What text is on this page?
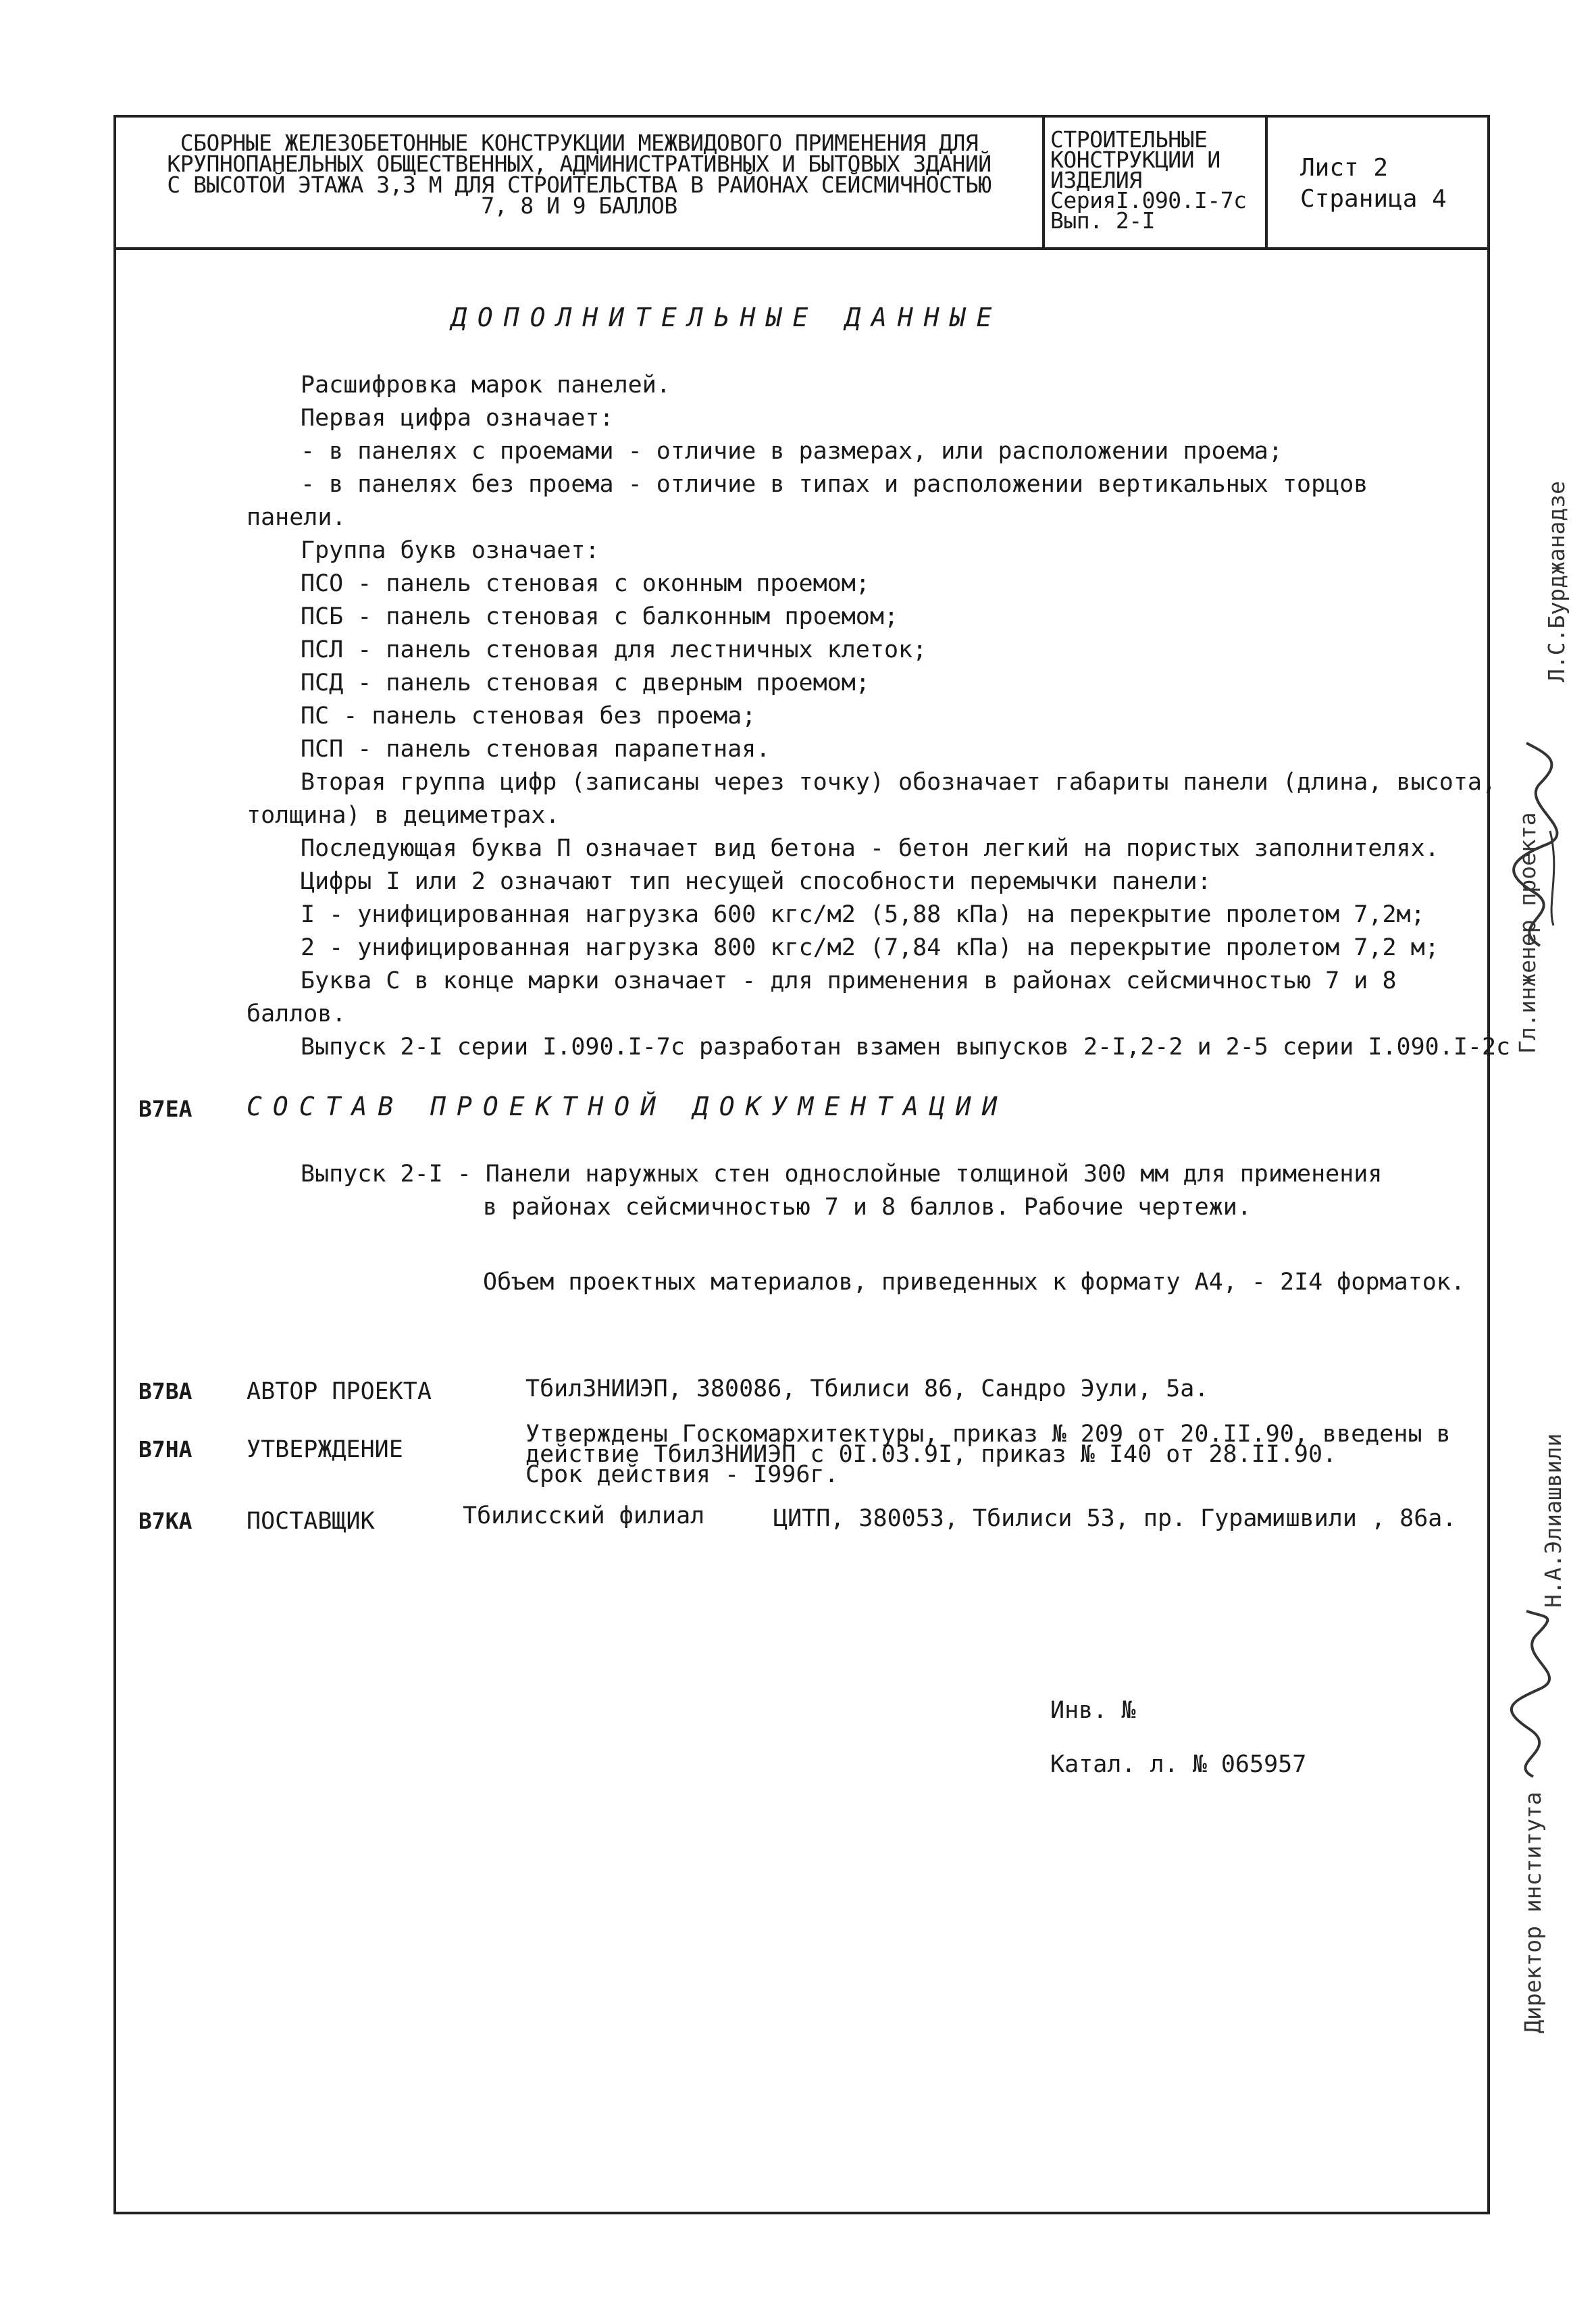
СБОРНЫЕ ЖЕЛЕЗОБЕТОННЫЕ КОНСТРУКЦИИ МЕЖВИДОВОГО ПРИМЕНЕНИЯ ДЛЯ
КРУПНОПАНЕЛЬНЫХ ОБЩЕСТВЕННЫХ, АДМИНИСТРАТИВНЫХ И БЫТОВЫХ ЗДАНИЙ
С ВЫСОТОЙ ЭТАЖА 3,3 М ДЛЯ СТРОИТЕЛЬСТВА В РАЙОНАХ СЕЙСМИЧНОСТЬЮ
7, 8 И 9 БАЛЛОВ
СТРОИТЕЛЬНЫЕ
КОНСТРУКЦИИ И
ИЗДЕЛИЯ
СерияI.090.I-7с
Вып. 2-I
Лист 2
Страница 4
ДОПОЛНИТЕЛЬНЫЕ ДАННЫЕ
Расшифровка марок панелей.
Первая цифра означает:
- в панелях с проемами - отличие в размерах, или расположении проема;
- в панелях без проема - отличие в типах и расположении вертикальных торцов
панели.
Группа букв означает:
ПСО - панель стеновая с оконным проемом;
ПСБ - панель стеновая с балконным проемом;
ПСЛ - панель стеновая для лестничных клеток;
ПСД - панель стеновая с дверным проемом;
ПС - панель стеновая без проема;
ПСП - панель стеновая парапетная.
Вторая группа цифр (записаны через точку) обозначает габариты панели (длина, высота,
толщина) в дециметрах.
Последующая буква П означает вид бетона - бетон легкий на пористых заполнителях.
Цифры I или 2 означают тип несущей способности перемычки панели:
I - унифицированная нагрузка 600 кгс/м2 (5,88 кПа) на перекрытие пролетом 7,2м;
2 - унифицированная нагрузка 800 кгс/м2 (7,84 кПа) на перекрытие пролетом 7,2 м;
Буква С в конце марки означает - для применения в районах сейсмичностью 7 и 8
баллов.
Выпуск 2-I серии I.090.I-7с разработан взамен выпусков 2-I,2-2 и 2-5 серии I.090.I-2с
В7ЕА СОСТАВ ПРОЕКТНОЙ ДОКУМЕНТАЦИИ
Выпуск 2-I - Панели наружных стен однослойные толщиной 300 мм для применения
в районах сейсмичностью 7 и 8 баллов. Рабочие чертежи.
Объем проектных материалов, приведенных к формату А4, - 2I4 форматок.
В7ВА АВТОР ПРОЕКТА	ТбилЗНИИЭП, 380086, Тбилиси 86, Сандро Эули, 5а.
В7НА УТВЕРЖДЕНИЕ
Утверждены Госкомархитектуры, приказ № 209 от 20.II.90, введены в
действие ТбилЗНИИЭП с 0I.03.9I, приказ № I40 от 28.II.90.
Срок действия - I996г.
В7КА ПОСТАВЩИК	Тбилисский филиал	ЦИТП, 380053, Тбилиси 53, пр. Гурамишвили , 86а.
Инв. №
Катал. л. № 065957
Гл.инженер проекта
Л.С.Бурджанадзе
Директор института
Н.А.Элиашвили
